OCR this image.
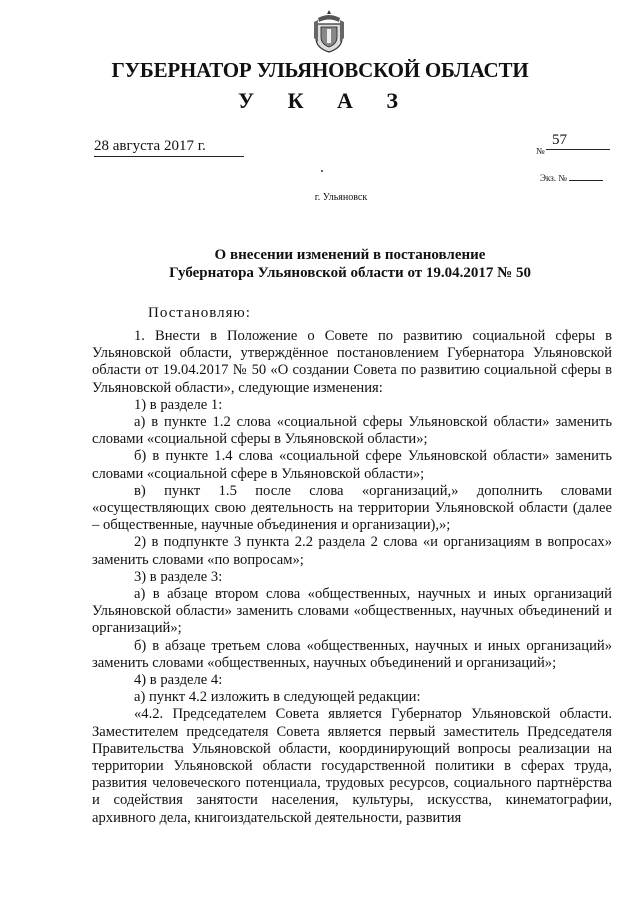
ГУБЕРНАТОР УЛЬЯНОВСКОЙ ОБЛАСТИ
У К А З
28 августа 2017 г.	№
57
Экз. №
г. Ульяновск
О внесении изменений в постановление
Губернатора Ульяновской области от 19.04.2017 № 50
Постановляю:

1. Внести в Положение о Совете по развитию социальной сферы в Ульяновской области, утверждённое постановлением Губернатора Ульяновской области от 19.04.2017 № 50 «О создании Совета по развитию социальной сферы в Ульяновской области», следующие изменения:

1) в разделе 1:

а) в пункте 1.2 слова «социальной сферы Ульяновской области» заменить словами «социальной сферы в Ульяновской области»;

б) в пункте 1.4 слова «социальной сфере Ульяновской области» заменить словами «социальной сфере в Ульяновской области»;

в) пункт 1.5 после слова «организаций,» дополнить словами «осуществляющих свою деятельность на территории Ульяновской области (далее – общественные, научные объединения и организации),»;

2) в подпункте 3 пункта 2.2 раздела 2 слова «и организациям в вопросах» заменить словами «по вопросам»;

3) в разделе 3:

а) в абзаце втором слова «общественных, научных и иных организаций Ульяновской области» заменить словами «общественных, научных объединений и организаций»;

б) в абзаце третьем слова «общественных, научных и иных организаций» заменить словами «общественных, научных объединений и организаций»;

4) в разделе 4:

а) пункт 4.2 изложить в следующей редакции:

«4.2. Председателем Совета является Губернатор Ульяновской области. Заместителем председателя Совета является первый заместитель Председателя Правительства Ульяновской области, координирующий вопросы реализации на территории Ульяновской области государственной политики в сферах труда, развития человеческого потенциала, трудовых ресурсов, социального партнёрства и содействия занятости населения, культуры, искусства, кинематографии, архивного дела, книгоиздательской деятельности, развития
